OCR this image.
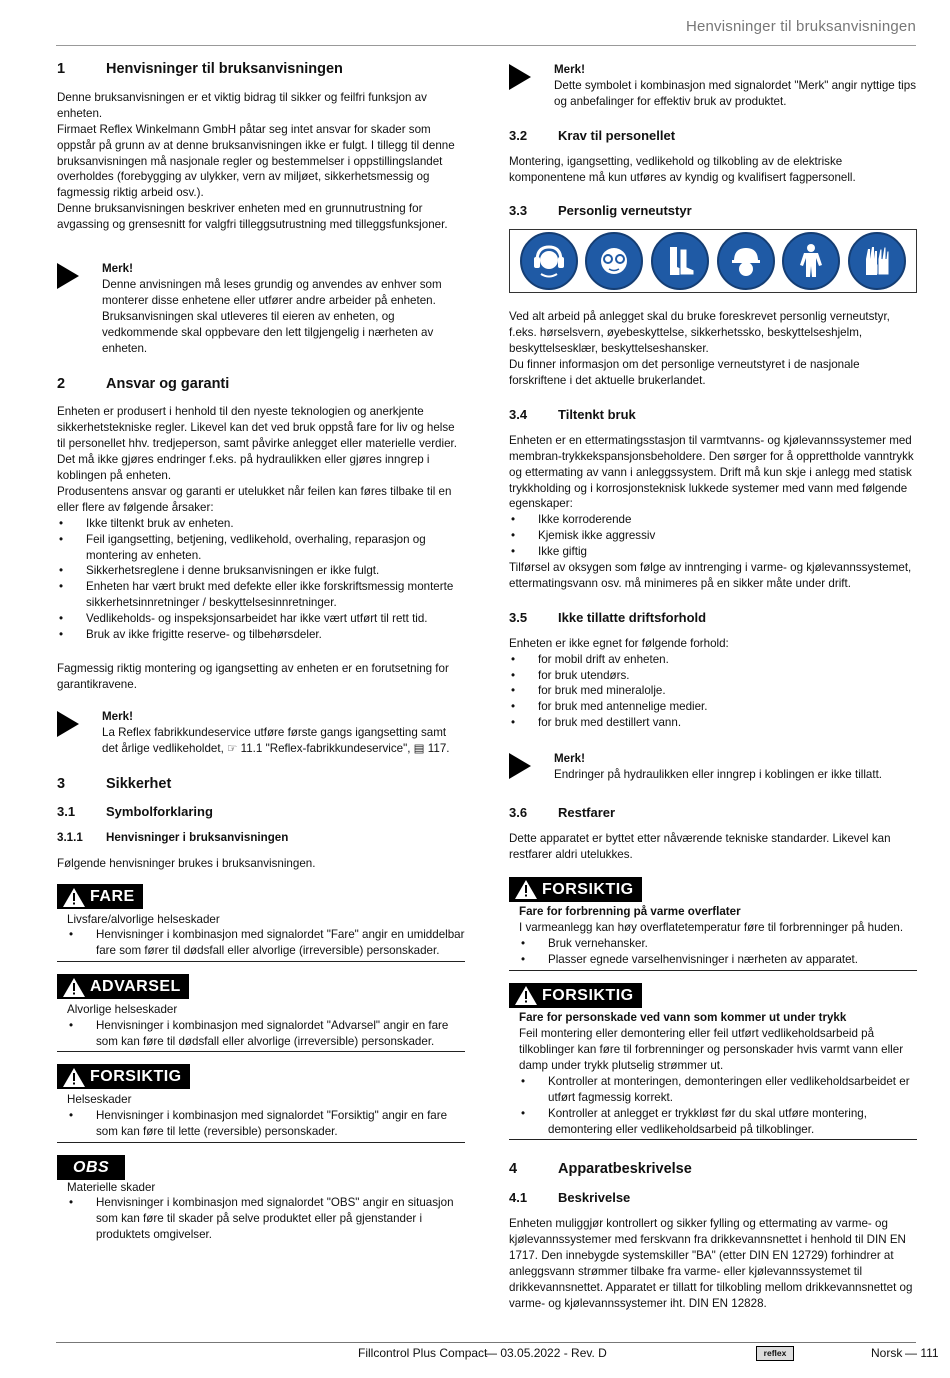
Henvisninger til bruksanvisningen
1	Henvisninger til bruksanvisningen

Denne bruksanvisningen er et viktig bidrag til sikker og feilfri funksjon av enheten.

Firmaet Reflex Winkelmann GmbH påtar seg intet ansvar for skader som oppstår på grunn av at denne bruksanvisningen ikke er fulgt. I tillegg til denne bruksanvisningen må nasjonale regler og bestemmelser i oppstillingslandet overholdes (forebygging av ulykker, vern av miljøet, sikkerhetsmessig og fagmessig riktig arbeid osv.).

Denne bruksanvisningen beskriver enheten med en grunnutrustning for avgassing og grensesnitt for valgfri tilleggsutrustning med tilleggsfunksjoner.

Merk!

Denne anvisningen må leses grundig og anvendes av enhver som monterer disse enhetene eller utfører andre arbeider på enheten. Bruksanvisningen skal utleveres til eieren av enheten, og vedkommende skal oppbevare den lett tilgjengelig i nærheten av enheten.

2	Ansvar og garanti

Enheten er produsert i henhold til den nyeste teknologien og anerkjente sikkerhetstekniske regler. Likevel kan det ved bruk oppstå fare for liv og helse til personellet hhv. tredjeperson, samt påvirke anlegget eller materielle verdier.

Det må ikke gjøres endringer f.eks. på hydraulikken eller gjøres inngrep i koblingen på enheten.

Produsentens ansvar og garanti er utelukket når feilen kan føres tilbake til en eller flere av følgende årsaker:

• Ikke tiltenkt bruk av enheten.
• Feil igangsetting, betjening, vedlikehold, overhaling, reparasjon og montering av enheten.
• Sikkerhetsreglene i denne bruksanvisningen er ikke fulgt.
• Enheten har vært brukt med defekte eller ikke forskriftsmessig monterte sikkerhetsinnretninger / beskyttelsesinnretninger.
• Vedlikeholds- og inspeksjonsarbeidet har ikke vært utført til rett tid.
• Bruk av ikke frigitte reserve- og tilbehørsdeler.

Fagmessig riktig montering og igangsetting av enheten er en forutsetning for garantikravene.

Merk!

La Reflex fabrikkundeservice utføre første gangs igangsetting samt det årlige vedlikeholdet, ☞ 11.1 "Reflex-fabrikkundeservice", ▤ 117.

3	Sikkerhet
3.1	Symbolforklaring
3.1.1	Henvisninger i bruksanvisningen

Følgende henvisninger brukes i bruksanvisningen.

FARE
Livsfare/alvorlige helseskader
• Henvisninger i kombinasjon med signalordet "Fare" angir en umiddelbar fare som fører til dødsfall eller alvorlige (irreversible) personskader.
ADVARSEL
Alvorlige helseskader
• Henvisninger i kombinasjon med signalordet "Advarsel" angir en fare som kan føre til dødsfall eller alvorlige (irreversible) personskader.
FORSIKTIG
Helseskader
• Henvisninger i kombinasjon med signalordet "Forsiktig" angir en fare som kan føre til lette (reversible) personskader.
OBS
Materielle skader
• Henvisninger i kombinasjon med signalordet "OBS" angir en situasjon som kan føre til skader på selve produktet eller på gjenstander i produktets omgivelser.
Merk!

Dette symbolet i kombinasjon med signalordet "Merk" angir nyttige tips og anbefalinger for effektiv bruk av produktet.

3.2	Krav til personellet

Montering, igangsetting, vedlikehold og tilkobling av de elektriske komponentene må kun utføres av kyndig og kvalifisert fagpersonell.

3.3	Personlig verneutstyr

Ved alt arbeid på anlegget skal du bruke foreskrevet personlig verneutstyr, f.eks. hørselsvern, øyebeskyttelse, sikkerhetssko, beskyttelseshjelm, beskyttelsesklær, beskyttelseshansker.

Du finner informasjon om det personlige verneutstyret i de nasjonale forskriftene i det aktuelle brukerlandet.

3.4	Tiltenkt bruk

Enheten er en ettermatingsstasjon til varmtvanns- og kjølevannssystemer med membran-trykkekspansjonsbeholdere. Den sørger for å opprettholde vanntrykk og ettermating av vann i anleggssystem. Drift må kun skje i anlegg med statisk trykkholding og i korrosjonsteknisk lukkede systemer med vann med følgende egenskaper:

• Ikke korroderende
• Kjemisk ikke aggressiv
• Ikke giftig

Tilførsel av oksygen som følge av inntrenging i varme- og kjølevannssystemet, ettermatingsvann osv. må minimeres på en sikker måte under drift.

3.5	Ikke tillatte driftsforhold

Enheten er ikke egnet for følgende forhold:

• for mobil drift av enheten.
• for bruk utendørs.
• for bruk med mineralolje.
• for bruk med antennelige medier.
• for bruk med destillert vann.
Merk!

Endringer på hydraulikken eller inngrep i koblingen er ikke tillatt.

3.6	Restfarer

Dette apparatet er byttet etter nåværende tekniske standarder. Likevel kan restfarer aldri utelukkes.

FORSIKTIG
Fare for forbrenning på varme overflater

I varmeanlegg kan høy overflatetemperatur føre til forbrenninger på huden.

• Bruk vernehansker.
• Plasser egnede varselhenvisninger i nærheten av apparatet.
FORSIKTIG
Fare for personskade ved vann som kommer ut under trykk

Feil montering eller demontering eller feil utført vedlikeholdsarbeid på tilkoblinger kan føre til forbrenninger og personskader hvis varmt vann eller damp under trykk plutselig strømmer ut.

• Kontroller at monteringen, demonteringen eller vedlikeholdsarbeidet er utført fagmessig korrekt.
• Kontroller at anlegget er trykkløst før du skal utføre montering, demontering eller vedlikeholdsarbeid på tilkoblinger.
4	Apparatbeskrivelse
4.1	Beskrivelse

Enheten muliggjør kontrollert og sikker fylling og ettermating av varme- og kjølevannssystemer med ferskvann fra drikkevannsnettet i henhold til DIN EN 1717. Den innebygde systemskiller "BA" (etter DIN EN 12729) forhindrer at anleggsvann strømmer tilbake fra varme- eller kjølevannssystemet til drikkevannsnettet. Apparatet er tillatt for tilkobling mellom drikkevannsnettet og varme- og kjølevannssystemer iht. DIN EN 12828.

Fillcontrol Plus Compact
— 03.05.2022 - Rev. D	reflex	Norsk — 111
